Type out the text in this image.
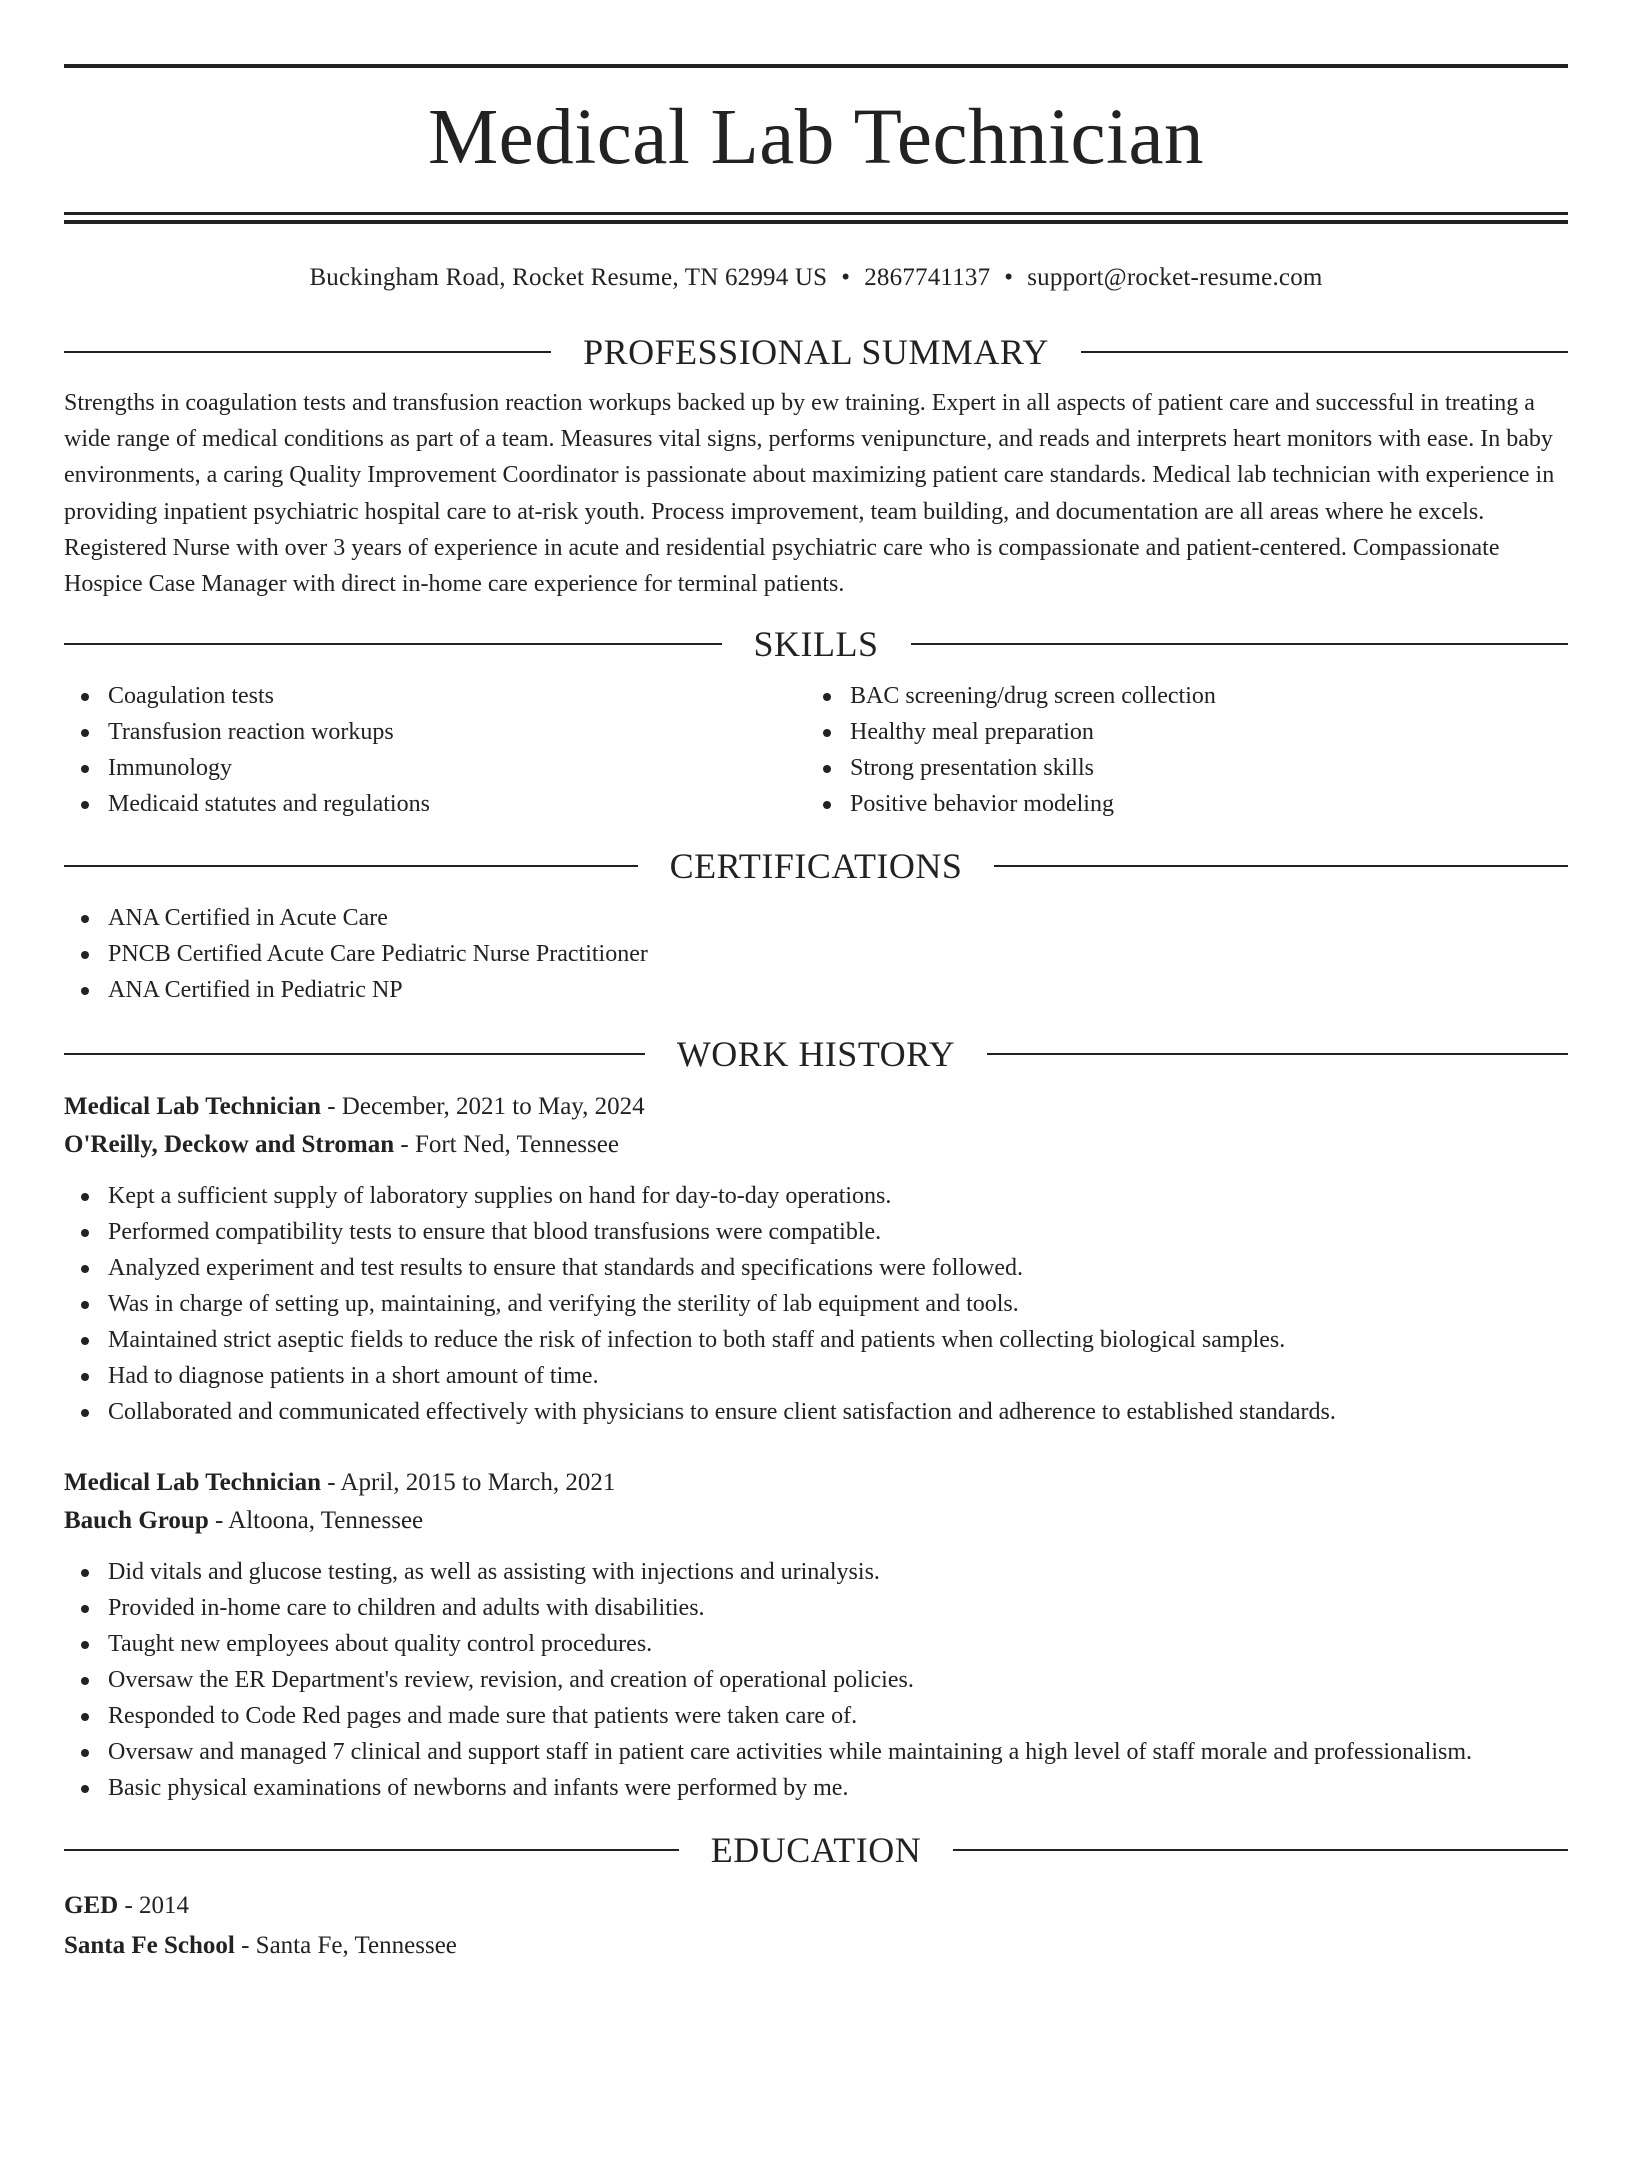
Medical Lab Technician
Buckingham Road, Rocket Resume, TN 62994 US • 2867741137 • support@rocket-resume.com
PROFESSIONAL SUMMARY

Strengths in coagulation tests and transfusion reaction workups backed up by ew training. Expert in all aspects of patient care and successful in treating a wide range of medical conditions as part of a team. Measures vital signs, performs venipuncture, and reads and interprets heart monitors with ease. In baby environments, a caring Quality Improvement Coordinator is passionate about maximizing patient care standards. Medical lab technician with experience in providing inpatient psychiatric hospital care to at-risk youth. Process improvement, team building, and documentation are all areas where he excels. Registered Nurse with over 3 years of experience in acute and residential psychiatric care who is compassionate and patient-centered. Compassionate Hospice Case Manager with direct in-home care experience for terminal patients.

SKILLS
Coagulation tests
Transfusion reaction workups
Immunology
Medicaid statutes and regulations
BAC screening/drug screen collection
Healthy meal preparation
Strong presentation skills
Positive behavior modeling
CERTIFICATIONS
ANA Certified in Acute Care
PNCB Certified Acute Care Pediatric Nurse Practitioner
ANA Certified in Pediatric NP
WORK HISTORY
Medical Lab Technician - December, 2021 to May, 2024
O'Reilly, Deckow and Stroman - Fort Ned, Tennessee
Kept a sufficient supply of laboratory supplies on hand for day-to-day operations.
Performed compatibility tests to ensure that blood transfusions were compatible.
Analyzed experiment and test results to ensure that standards and specifications were followed.
Was in charge of setting up, maintaining, and verifying the sterility of lab equipment and tools.
Maintained strict aseptic fields to reduce the risk of infection to both staff and patients when collecting biological samples.
Had to diagnose patients in a short amount of time.
Collaborated and communicated effectively with physicians to ensure client satisfaction and adherence to established standards.
Medical Lab Technician - April, 2015 to March, 2021
Bauch Group - Altoona, Tennessee
Did vitals and glucose testing, as well as assisting with injections and urinalysis.
Provided in-home care to children and adults with disabilities.
Taught new employees about quality control procedures.
Oversaw the ER Department's review, revision, and creation of operational policies.
Responded to Code Red pages and made sure that patients were taken care of.
Oversaw and managed 7 clinical and support staff in patient care activities while maintaining a high level of staff morale and professionalism.
Basic physical examinations of newborns and infants were performed by me.
EDUCATION
GED - 2014
Santa Fe School - Santa Fe, Tennessee
